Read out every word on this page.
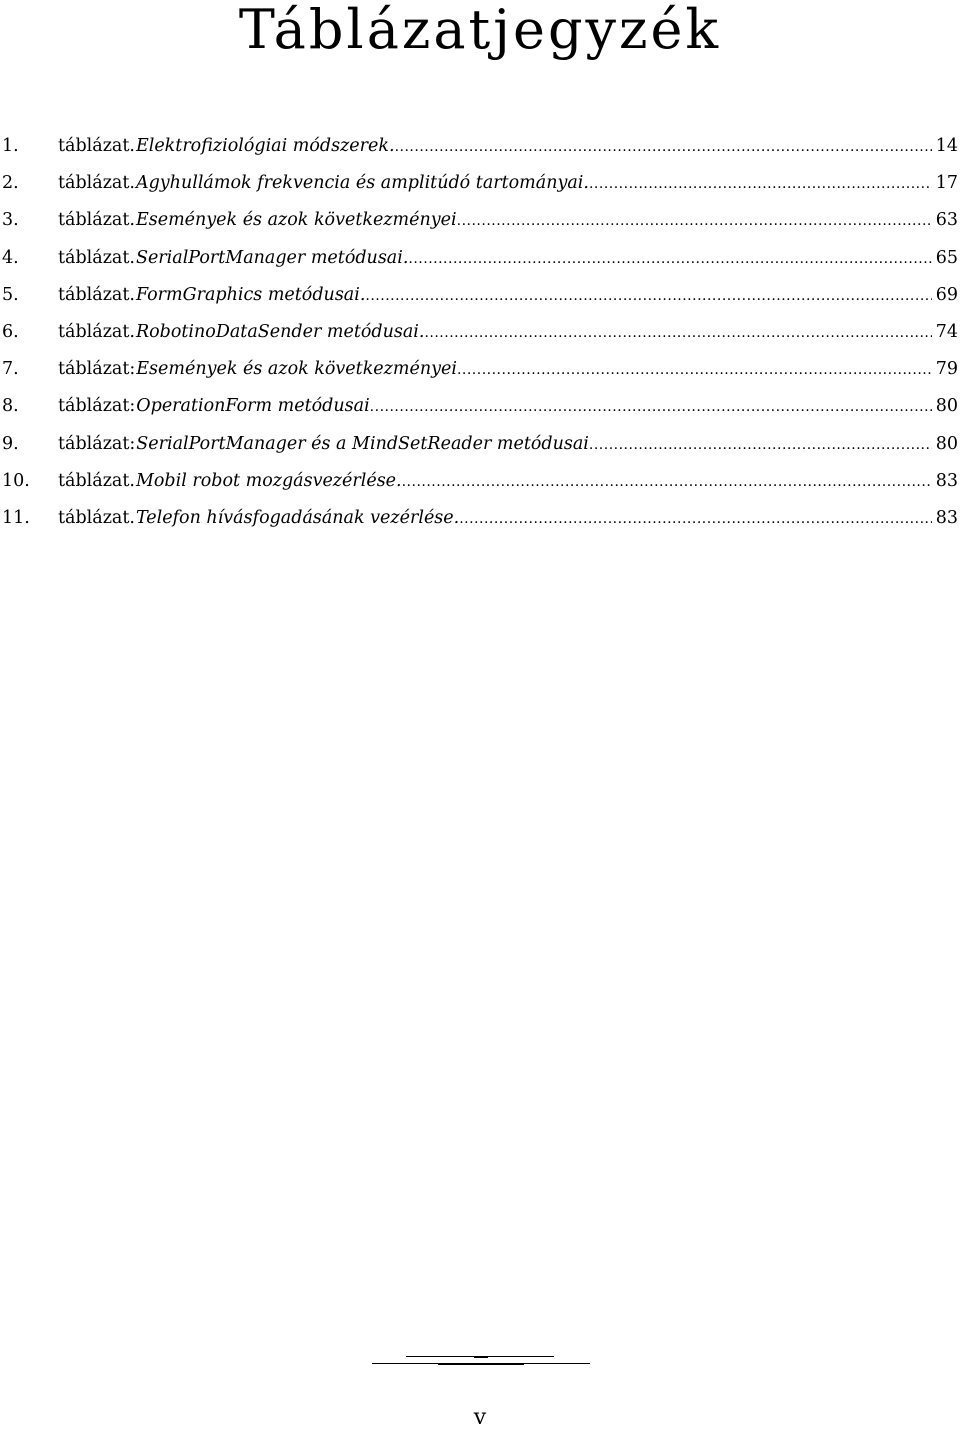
Táblázatjegyzék
1.	táblázat. Elektrofiziológiai módszerek. .....	14
2.	táblázat. Agyhullámok frekvencia és amplitúdó tartományai. .....	17
3.	táblázat. Események és azok következményei .....	63
4.	táblázat. SerialPortManager metódusai. .....	65
5.	táblázat. FormGraphics metódusai. .....	69
6.	táblázat. RobotinoDataSender metódusai. .....	74
7.	táblázat: Események és azok következményei .....	79
8.	táblázat: OperationForm metódusai .....	80
9.	táblázat: SerialPortManager és a MindSetReader metódusai .....	80
10.	táblázat. Mobil robot mozgásvezérlése. .....	83
11.	táblázat. Telefon hívásfogadásának vezérlése. .....	83
v
